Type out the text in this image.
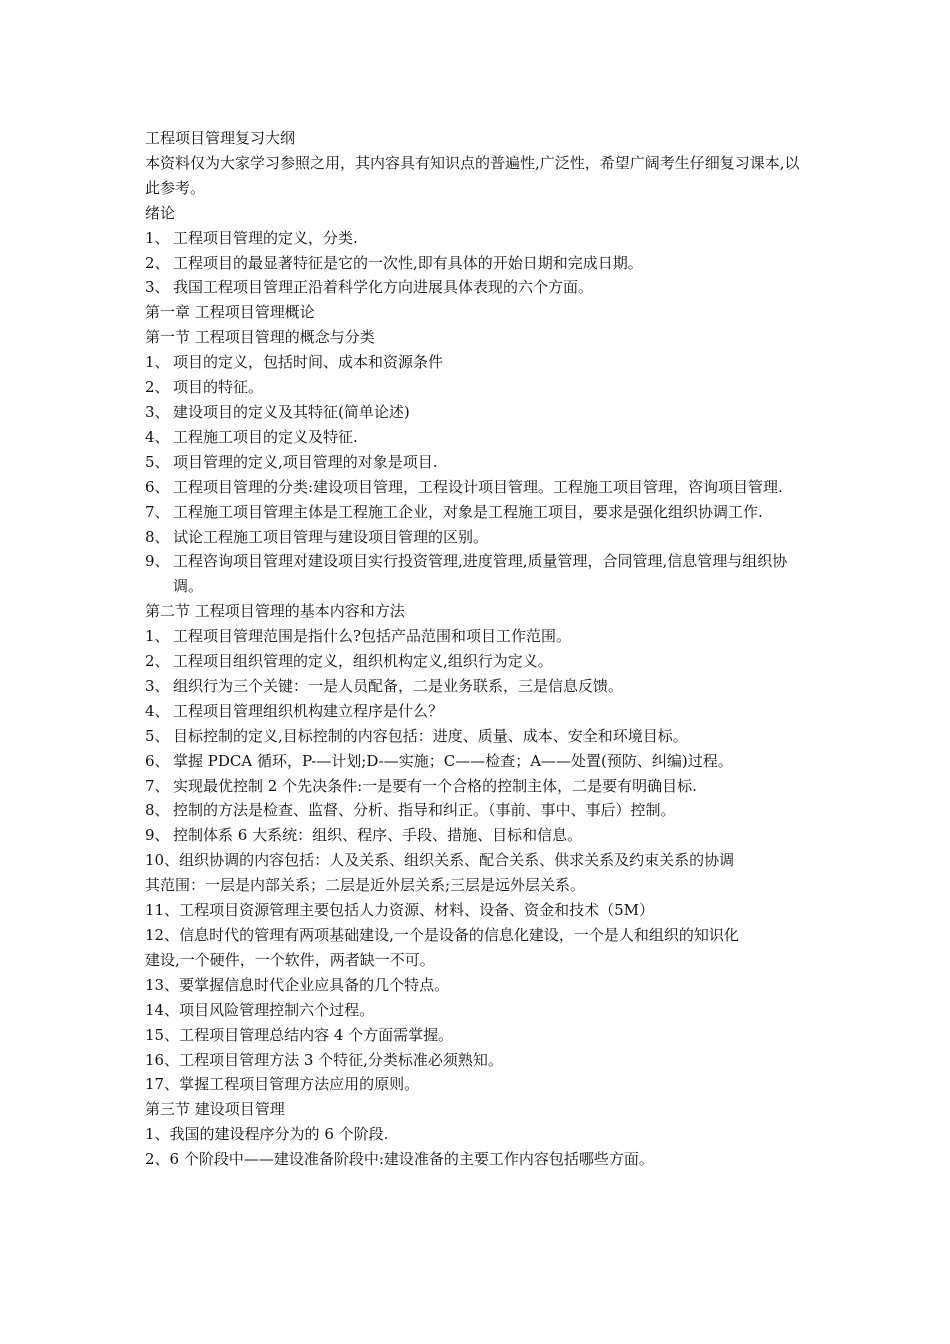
工程项目管理复习大纲
本资料仅为大家学习参照之用，其内容具有知识点的普遍性,广泛性，希望广阔考生仔细复习课本,以此参考。
绪论
1、 工程项目管理的定义，分类.
2、 工程项目的最显著特征是它的一次性,即有具体的开始日期和完成日期。
3、 我国工程项目管理正沿着科学化方向进展具体表现的六个方面。
第一章 工程项目管理概论
第一节 工程项目管理的概念与分类
1、 项目的定义，包括时间、成本和资源条件
2、 项目的特征。
3、 建设项目的定义及其特征(简单论述)
4、 工程施工项目的定义及特征.
5、 项目管理的定义,项目管理的对象是项目.
6、 工程项目管理的分类:建设项目管理，工程设计项目管理。工程施工项目管理，咨询项目管理.
7、 工程施工项目管理主体是工程施工企业，对象是工程施工项目，要求是强化组织协调工作.
8、 试论工程施工项目管理与建设项目管理的区别。
9、 工程咨询项目管理对建设项目实行投资管理,进度管理,质量管理，合同管理,信息管理与组织协调。
第二节 工程项目管理的基本内容和方法
1、 工程项目管理范围是指什么?包括产品范围和项目工作范围。
2、 工程项目组织管理的定义，组织机构定义,组织行为定义。
3、 组织行为三个关键：一是人员配备，二是业务联系，三是信息反馈。
4、 工程项目管理组织机构建立程序是什么？
5、 目标控制的定义,目标控制的内容包括：进度、质量、成本、安全和环境目标。
6、 掌握 PDCA 循环，P-—计划;D-—实施；C——检查；A——处置(预防、纠编)过程。
7、 实现最优控制 2 个先决条件:一是要有一个合格的控制主体，二是要有明确目标.
8、 控制的方法是检查、监督、分析、指导和纠正。（事前、事中、事后）控制。
9、 控制体系 6 大系统：组织、程序、手段、措施、目标和信息。
10、组织协调的内容包括：人及关系、组织关系、配合关系、供求关系及约束关系的协调
其范围：一层是内部关系；二层是近外层关系;三层是远外层关系。
11、工程项目资源管理主要包括人力资源、材料、设备、资金和技术（5M）
12、信息时代的管理有两项基础建设,一个是设备的信息化建设，一个是人和组织的知识化
建设,一个硬件，一个软件，两者缺一不可。
13、要掌握信息时代企业应具备的几个特点。
14、项目风险管理控制六个过程。
15、工程项目管理总结内容 4 个方面需掌握。
16、工程项目管理方法 3 个特征,分类标准必须熟知。
17、掌握工程项目管理方法应用的原则。
第三节 建设项目管理
1、我国的建设程序分为的 6 个阶段.
2、6 个阶段中——建设准备阶段中:建设准备的主要工作内容包括哪些方面。
